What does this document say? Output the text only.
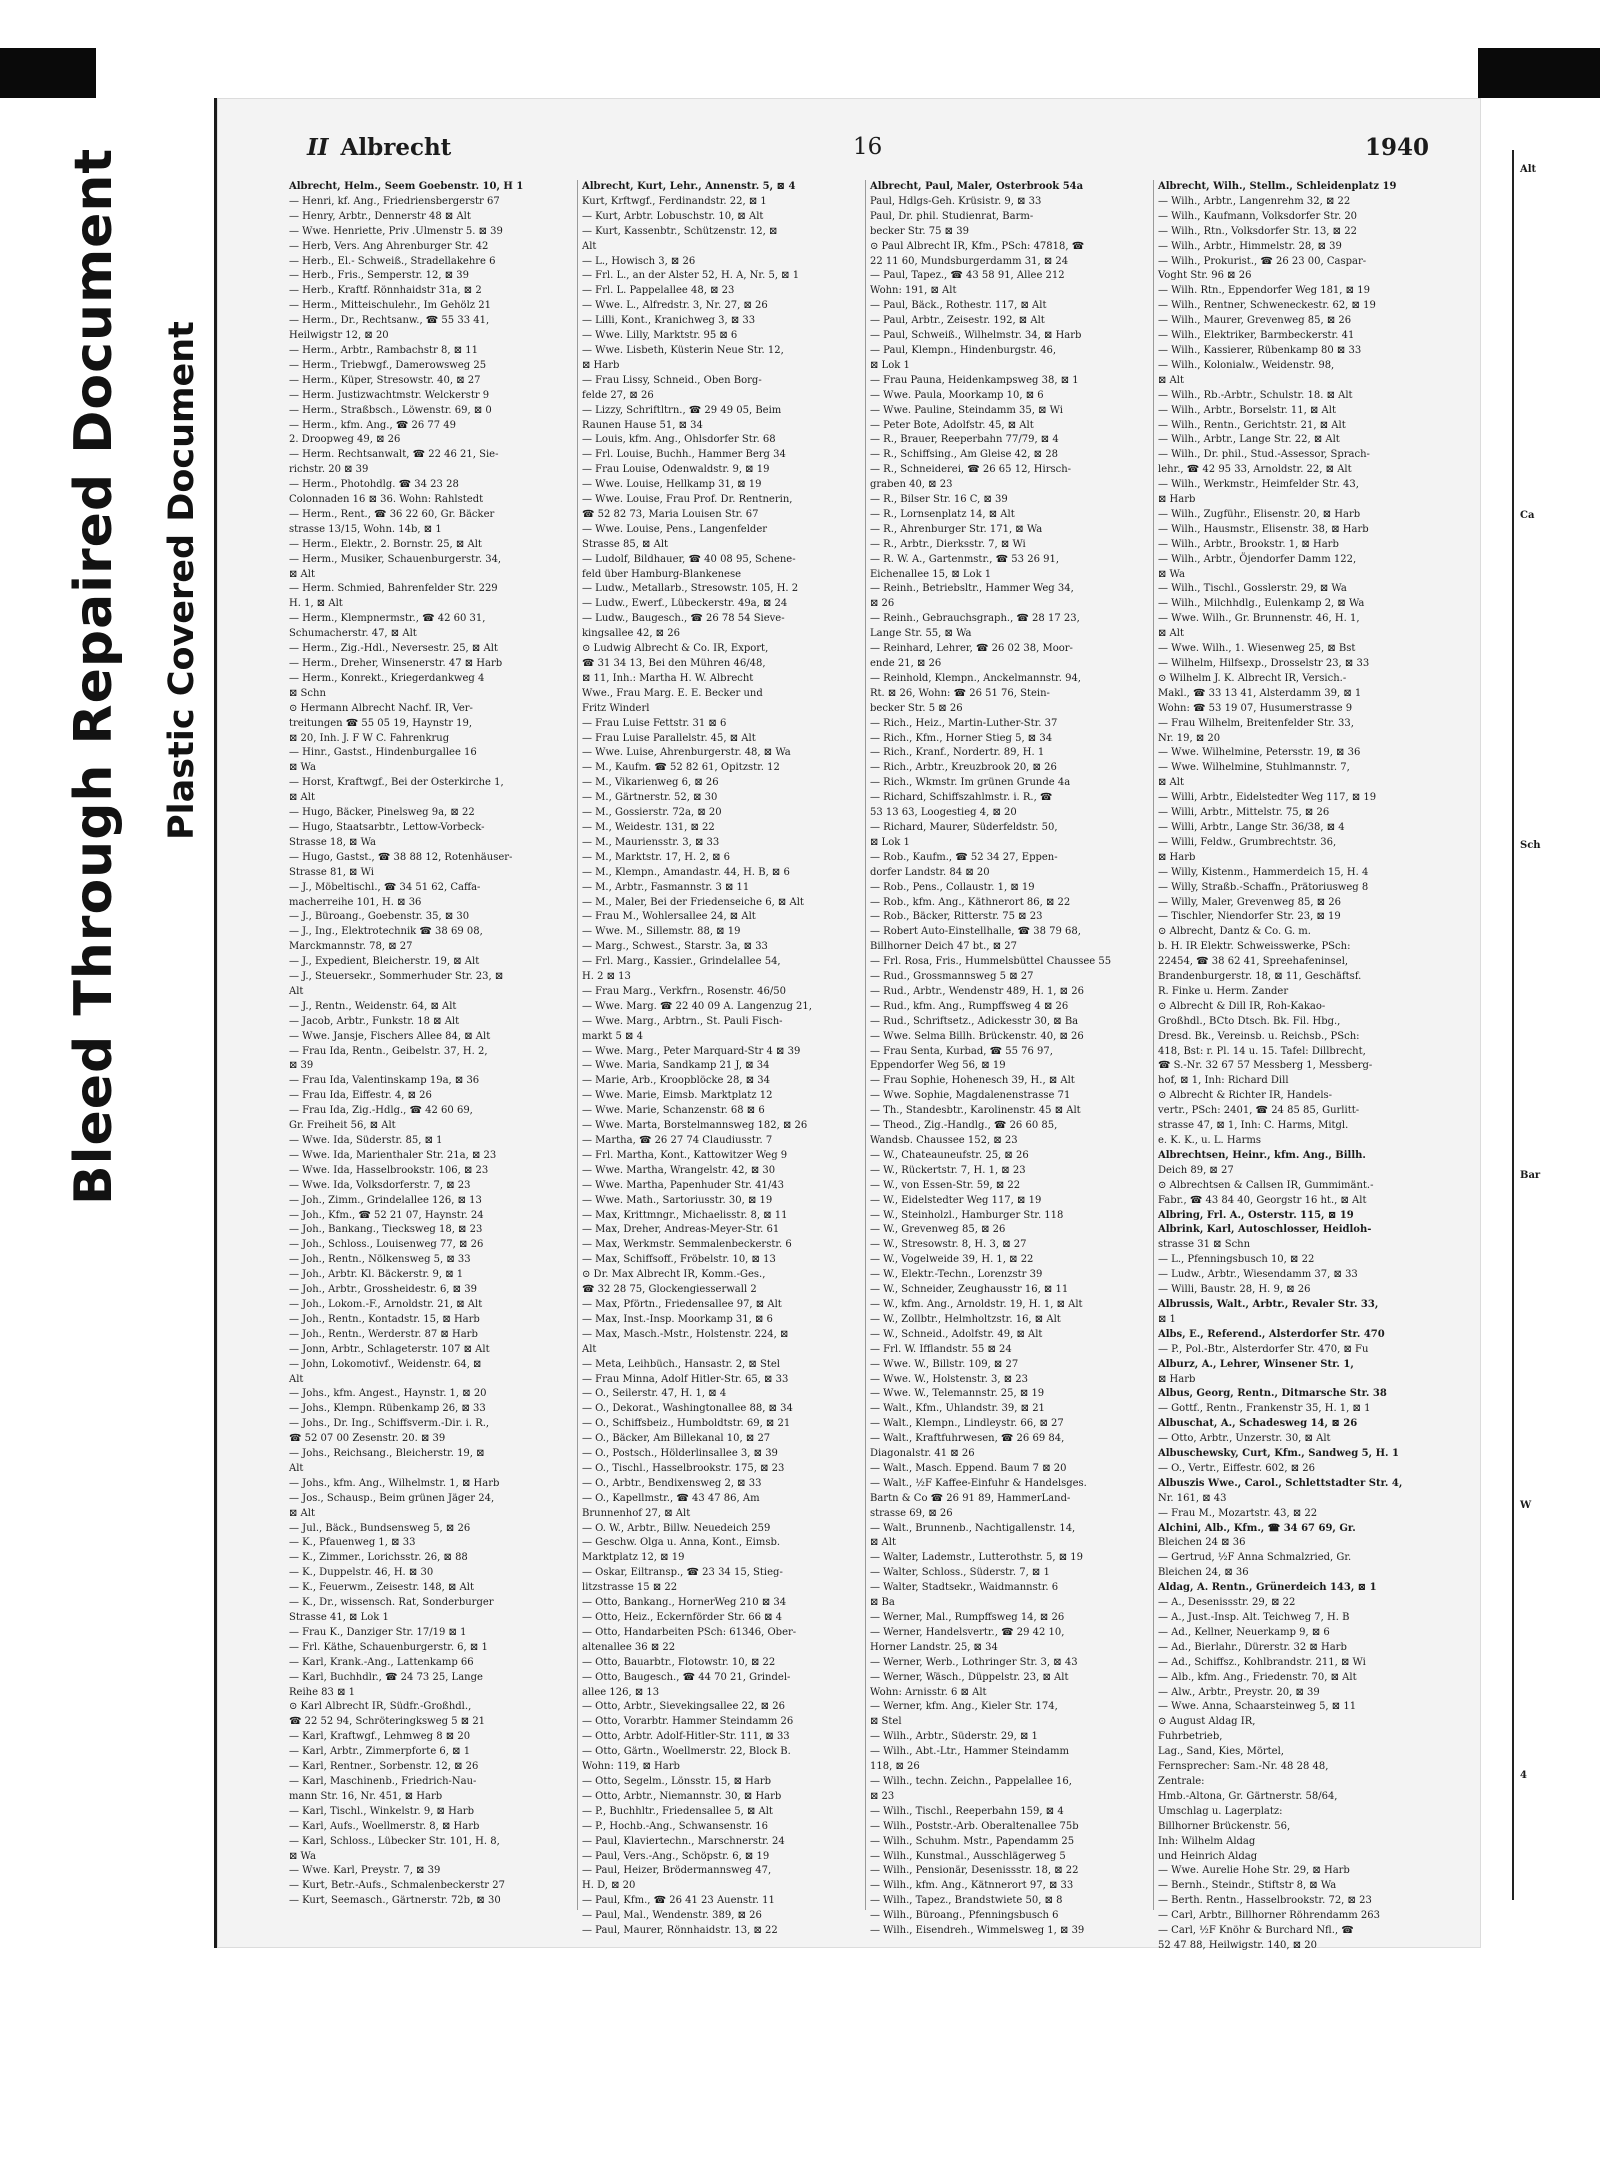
Bleed Through Repaired Document Plastic Covered Document
II Albrecht	16	1940
Albrecht, Helm., Seem Goebenstr. 10, H 1
— Henri, kf. Ang., Friedriensbergerstr 67
— Henry, Arbtr., Dennerstr 48 ⊠ Alt
— Wwe. Henriette, Priv .Ulmenstr 5. ⊠ 39
— Herb, Vers. Ang Ahrenburger Str. 42
— Herb., El.- Schweiß., Stradellakehre 6
— Herb., Fris., Semperstr. 12, ⊠ 39
— Herb., Kraftf. Rönnhaidstr 31a, ⊠ 2
— Herm., Mitteischulehr., Im Gehölz 21
— Herm., Dr., Rechtsanw., ☎ 55 33 41,
Heilwigstr 12, ⊠ 20
— Herm., Arbtr., Rambachstr 8, ⊠ 11
— Herm., Triebwgf., Damerowsweg 25
— Herm., Küper, Stresowstr. 40, ⊠ 27
— Herm. Justizwachtmstr. Welckerstr 9
— Herm., Straßbsch., Löwenstr. 69, ⊠ 0
— Herm., kfm. Ang., ☎ 26 77 49
2. Droopweg 49, ⊠ 26
— Herm. Rechtsanwalt, ☎ 22 46 21, Sie-
richstr. 20 ⊠ 39
— Herm., Photohdlg. ☎ 34 23 28
Colonnaden 16 ⊠ 36. Wohn: Rahlstedt
— Herm., Rent., ☎ 36 22 60, Gr. Bäcker
strasse 13/15, Wohn. 14b, ⊠ 1
— Herm., Elektr., 2. Bornstr. 25, ⊠ Alt
— Herm., Musiker, Schauenburgerstr. 34,
⊠ Alt
— Herm. Schmied, Bahrenfelder Str. 229
H. 1, ⊠ Alt
— Herm., Klempnermstr., ☎ 42 60 31,
Schumacherstr. 47, ⊠ Alt
— Herm., Zig.-Hdl., Neversestr. 25, ⊠ Alt
— Herm., Dreher, Winsenerstr. 47 ⊠ Harb
— Herm., Konrekt., Kriegerdankweg 4
⊠ Schn
⊙ Hermann Albrecht Nachf. IR, Ver-
treitungen ☎ 55 05 19, Haynstr 19,
⊠ 20, Inh. J. F W C. Fahrenkrug
— Hinr., Gastst., Hindenburgallee 16
⊠ Wa
— Horst, Kraftwgf., Bei der Osterkirche 1,
⊠ Alt
— Hugo, Bäcker, Pinelsweg 9a, ⊠ 22
— Hugo, Staatsarbtr., Lettow-Vorbeck-
Strasse 18, ⊠ Wa
— Hugo, Gastst., ☎ 38 88 12, Rotenhäuser-
Strasse 81, ⊠ Wi
— J., Möbeltischl., ☎ 34 51 62, Caffa-
macherreihe 101, H. ⊠ 36
— J., Büroang., Goebenstr. 35, ⊠ 30
— J., Ing., Elektrotechnik ☎ 38 69 08,
Marckmannstr. 78, ⊠ 27
— J., Expedient, Bleicherstr. 19, ⊠ Alt
— J., Steuersekr., Sommerhuder Str. 23, ⊠
Alt
— J., Rentn., Weidenstr. 64, ⊠ Alt
— Jacob, Arbtr., Funkstr. 18 ⊠ Alt
— Wwe. Jansje, Fischers Allee 84, ⊠ Alt
— Frau Ida, Rentn., Geibelstr. 37, H. 2,
⊠ 39
— Frau Ida, Valentinskamp 19a, ⊠ 36
— Frau Ida, Eiffestr. 4, ⊠ 26
— Frau Ida, Zig.-Hdlg., ☎ 42 60 69,
Gr. Freiheit 56, ⊠ Alt
— Wwe. Ida, Süderstr. 85, ⊠ 1
— Wwe. Ida, Marienthaler Str. 21a, ⊠ 23
— Wwe. Ida, Hasselbrookstr. 106, ⊠ 23
— Wwe. Ida, Volksdorferstr. 7, ⊠ 23
— Joh., Zimm., Grindelallee 126, ⊠ 13
— Joh., Kfm., ☎ 52 21 07, Haynstr. 24
— Joh., Bankang., Tiecksweg 18, ⊠ 23
— Joh., Schloss., Louisenweg 77, ⊠ 26
— Joh., Rentn., Nölkensweg 5, ⊠ 33
— Joh., Arbtr. Kl. Bäckerstr. 9, ⊠ 1
— Joh., Arbtr., Grossheidestr. 6, ⊠ 39
— Joh., Lokom.-F., Arnoldstr. 21, ⊠ Alt
— Joh., Rentn., Kontadstr. 15, ⊠ Harb
— Joh., Rentn., Werderstr. 87 ⊠ Harb
— Jonn, Arbtr., Schlageterstr. 107 ⊠ Alt
— John, Lokomotivf., Weidenstr. 64, ⊠
Alt
— Johs., kfm. Angest., Haynstr. 1, ⊠ 20
— Johs., Klempn. Rübenkamp 26, ⊠ 33
— Johs., Dr. Ing., Schiffsverm.-Dir. i. R.,
☎ 52 07 00 Zesenstr. 20. ⊠ 39
— Johs., Reichsang., Bleicherstr. 19, ⊠
Alt
— Johs., kfm. Ang., Wilhelmstr. 1, ⊠ Harb
— Jos., Schausp., Beim grünen Jäger 24,
⊠ Alt
— Jul., Bäck., Bundsensweg 5, ⊠ 26
— K., Pfauenweg 1, ⊠ 33
— K., Zimmer., Lorichsstr. 26, ⊠ 88
— K., Duppelstr. 46, H. ⊠ 30
— K., Feuerwm., Zeisestr. 148, ⊠ Alt
— K., Dr., wissensch. Rat, Sonderburger
Strasse 41, ⊠ Lok 1
— Frau K., Danziger Str. 17/19 ⊠ 1
— Frl. Käthe, Schauenburgerstr. 6, ⊠ 1
— Karl, Krank.-Ang., Lattenkamp 66
— Karl, Buchhdlr., ☎ 24 73 25, Lange
Reihe 83 ⊠ 1
⊙ Karl Albrecht IR, Südfr.-Großhdl.,
☎ 22 52 94, Schröteringksweg 5 ⊠ 21
— Karl, Kraftwgf., Lehmweg 8 ⊠ 20
— Karl, Arbtr., Zimmerpforte 6, ⊠ 1
— Karl, Rentner., Sorbenstr. 12, ⊠ 26
— Karl, Maschinenb., Friedrich-Nau-
mann Str. 16, Nr. 451, ⊠ Harb
— Karl, Tischl., Winkelstr. 9, ⊠ Harb
— Karl, Aufs., Woellmerstr. 8, ⊠ Harb
— Karl, Schloss., Lübecker Str. 101, H. 8,
⊠ Wa
— Wwe. Karl, Preystr. 7, ⊠ 39
— Kurt, Betr.-Aufs., Schmalenbeckerstr 27
— Kurt, Seemasch., Gärtnerstr. 72b, ⊠ 30
Albrecht, Kurt, Lehr., Annenstr. 5, ⊠ 4
Kurt, Krftwgf., Ferdinandstr. 22, ⊠ 1
— Kurt, Arbtr. Lobuschstr. 10, ⊠ Alt
— Kurt, Kassenbtr., Schützenstr. 12, ⊠
Alt
— L., Howisch 3, ⊠ 26
— Frl. L., an der Alster 52, H. A, Nr. 5, ⊠ 1
— Frl. L. Pappelallee 48, ⊠ 23
— Wwe. L., Alfredstr. 3, Nr. 27, ⊠ 26
— Lilli, Kont., Kranichweg 3, ⊠ 33
— Wwe. Lilly, Marktstr. 95 ⊠ 6
— Wwe. Lisbeth, Küsterin Neue Str. 12,
⊠ Harb
— Frau Lissy, Schneid., Oben Borg-
felde 27, ⊠ 26
— Lizzy, Schriftltrn., ☎ 29 49 05, Beim
Raunen Hause 51, ⊠ 34
— Louis, kfm. Ang., Ohlsdorfer Str. 68
— Frl. Louise, Buchh., Hammer Berg 34
— Frau Louise, Odenwaldstr. 9, ⊠ 19
— Wwe. Louise, Hellkamp 31, ⊠ 19
— Wwe. Louise, Frau Prof. Dr. Rentnerin,
☎ 52 82 73, Maria Louisen Str. 67
— Wwe. Louise, Pens., Langenfelder
Strasse 85, ⊠ Alt
— Ludolf, Bildhauer, ☎ 40 08 95, Schene-
feld über Hamburg-Blankenese
— Ludw., Metallarb., Stresowstr. 105, H. 2
— Ludw., Ewerf., Lübeckerstr. 49a, ⊠ 24
— Ludw., Baugesch., ☎ 26 78 54 Sieve-
kingsallee 42, ⊠ 26
⊙ Ludwig Albrecht & Co. IR, Export,
☎ 31 34 13, Bei den Mühren 46/48,
⊠ 11, Inh.: Martha H. W. Albrecht
Wwe., Frau Marg. E. E. Becker und
Fritz Winderl
— Frau Luise Fettstr. 31 ⊠ 6
— Frau Luise Parallelstr. 45, ⊠ Alt
— Wwe. Luise, Ahrenburgerstr. 48, ⊠ Wa
— M., Kaufm. ☎ 52 82 61, Opitzstr. 12
— M., Vikarienweg 6, ⊠ 26
— M., Gärtnerstr. 52, ⊠ 30
— M., Gossierstr. 72a, ⊠ 20
— M., Weidestr. 131, ⊠ 22
— M., Mauriensstr. 3, ⊠ 33
— M., Marktstr. 17, H. 2, ⊠ 6
— M., Klempn., Amandastr. 44, H. B, ⊠ 6
— M., Arbtr., Fasmannstr. 3 ⊠ 11
— M., Maler, Bei der Friedenseiche 6, ⊠ Alt
— Frau M., Wohlersallee 24, ⊠ Alt
— Wwe. M., Sillemstr. 88, ⊠ 19
— Marg., Schwest., Starstr. 3a, ⊠ 33
— Frl. Marg., Kassier., Grindelallee 54,
H. 2 ⊠ 13
— Frau Marg., Verkfrn., Rosenstr. 46/50
— Wwe. Marg. ☎ 22 40 09 A. Langenzug 21,
— Wwe. Marg., Arbtrn., St. Pauli Fisch-
markt 5 ⊠ 4
— Wwe. Marg., Peter Marquard-Str 4 ⊠ 39
— Wwe. Maria, Sandkamp 21 J, ⊠ 34
— Marie, Arb., Kroopblöcke 28, ⊠ 34
— Wwe. Marie, Eimsb. Marktplatz 12
— Wwe. Marie, Schanzenstr. 68 ⊠ 6
— Wwe. Marta, Borstelmannsweg 182, ⊠ 26
— Martha, ☎ 26 27 74 Claudiusstr. 7
— Frl. Martha, Kont., Kattowitzer Weg 9
— Wwe. Martha, Wrangelstr. 42, ⊠ 30
— Wwe. Martha, Papenhuder Str. 41/43
— Wwe. Math., Sartoriusstr. 30, ⊠ 19
— Max, Krittmngr., Michaelisstr. 8, ⊠ 11
— Max, Dreher, Andreas-Meyer-Str. 61
— Max, Werkmstr. Semmalenbeckerstr. 6
— Max, Schiffsoff., Fröbelstr. 10, ⊠ 13
⊙ Dr. Max Albrecht IR, Komm.-Ges.,
☎ 32 28 75, Glockengiesserwall 2
— Max, Pförtn., Friedensallee 97, ⊠ Alt
— Max, Inst.-Insp. Moorkamp 31, ⊠ 6
— Max, Masch.-Mstr., Holstenstr. 224, ⊠
Alt
— Meta, Leihbüch., Hansastr. 2, ⊠ Stel
— Frau Minna, Adolf Hitler-Str. 65, ⊠ 33
— O., Seilerstr. 47, H. 1, ⊠ 4
— O., Dekorat., Washingtonallee 88, ⊠ 34
— O., Schiffsbeiz., Humboldtstr. 69, ⊠ 21
— O., Bäcker, Am Billekanal 10, ⊠ 27
— O., Postsch., Hölderlinsallee 3, ⊠ 39
— O., Tischl., Hasselbrookstr. 175, ⊠ 23
— O., Arbtr., Bendixensweg 2, ⊠ 33
— O., Kapellmstr., ☎ 43 47 86, Am
Brunnenhof 27, ⊠ Alt
— O. W., Arbtr., Billw. Neuedeich 259
— Geschw. Olga u. Anna, Kont., Eimsb.
Marktplatz 12, ⊠ 19
— Oskar, Eiltransp., ☎ 23 34 15, Stieg-
litzstrasse 15 ⊠ 22
— Otto, Bankang., HornerWeg 210 ⊠ 34
— Otto, Heiz., Eckernförder Str. 66 ⊠ 4
— Otto, Handarbeiten PSch: 61346, Ober-
altenallee 36 ⊠ 22
— Otto, Bauarbtr., Flotowstr. 10, ⊠ 22
— Otto, Baugesch., ☎ 44 70 21, Grindel-
allee 126, ⊠ 13
— Otto, Arbtr., Sievekingsallee 22, ⊠ 26
— Otto, Vorarbtr. Hammer Steindamm 26
— Otto, Arbtr. Adolf-Hitler-Str. 111, ⊠ 33
— Otto, Gärtn., Woellmerstr. 22, Block B.
Wohn: 119, ⊠ Harb
— Otto, Segelm., Lönsstr. 15, ⊠ Harb
— Otto, Arbtr., Niemannstr. 30, ⊠ Harb
— P., Buchhltr., Friedensallee 5, ⊠ Alt
— P., Hochb.-Ang., Schwansenstr. 16
— Paul, Klaviertechn., Marschnerstr. 24
— Paul, Vers.-Ang., Schöpstr. 6, ⊠ 19
— Paul, Heizer, Brödermannsweg 47,
H. D, ⊠ 20
— Paul, Kfm., ☎ 26 41 23 Auenstr. 11
— Paul, Mal., Wendenstr. 389, ⊠ 26
— Paul, Maurer, Rönnhaidstr. 13, ⊠ 22
Albrecht, Paul, Maler, Osterbrook 54a
Paul, Hdlgs-Geh. Krüsistr. 9, ⊠ 33
Paul, Dr. phil. Studienrat, Barm-
becker Str. 75 ⊠ 39
⊙ Paul Albrecht IR, Kfm., PSch: 47818, ☎
22 11 60, Mundsburgerdamm 31, ⊠ 24
— Paul, Tapez., ☎ 43 58 91, Allee 212
Wohn: 191, ⊠ Alt
— Paul, Bäck., Rothestr. 117, ⊠ Alt
— Paul, Arbtr., Zeisestr. 192, ⊠ Alt
— Paul, Schweiß., Wilhelmstr. 34, ⊠ Harb
— Paul, Klempn., Hindenburgstr. 46,
⊠ Lok 1
— Frau Pauna, Heidenkampsweg 38, ⊠ 1
— Wwe. Paula, Moorkamp 10, ⊠ 6
— Wwe. Pauline, Steindamm 35, ⊠ Wi
— Peter Bote, Adolfstr. 45, ⊠ Alt
— R., Brauer, Reeperbahn 77/79, ⊠ 4
— R., Schiffsing., Am Gleise 42, ⊠ 28
— R., Schneiderei, ☎ 26 65 12, Hirsch-
graben 40, ⊠ 23
— R., Bilser Str. 16 C, ⊠ 39
— R., Lornsenplatz 14, ⊠ Alt
— R., Ahrenburger Str. 171, ⊠ Wa
— R., Arbtr., Dierksstr. 7, ⊠ Wi
— R. W. A., Gartenmstr., ☎ 53 26 91,
Eichenallee 15, ⊠ Lok 1
— Reinh., Betriebsltr., Hammer Weg 34,
⊠ 26
— Reinh., Gebrauchsgraph., ☎ 28 17 23,
Lange Str. 55, ⊠ Wa
— Reinhard, Lehrer, ☎ 26 02 38, Moor-
ende 21, ⊠ 26
— Reinhold, Klempn., Anckelmannstr. 94,
Rt. ⊠ 26, Wohn: ☎ 26 51 76, Stein-
becker Str. 5 ⊠ 26
— Rich., Heiz., Martin-Luther-Str. 37
— Rich., Kfm., Horner Stieg 5, ⊠ 34
— Rich., Kranf., Nordertr. 89, H. 1
— Rich., Arbtr., Kreuzbrook 20, ⊠ 26
— Rich., Wkmstr. Im grünen Grunde 4a
— Richard, Schiffszahlmstr. i. R., ☎
53 13 63, Loogestieg 4, ⊠ 20
— Richard, Maurer, Süderfeldstr. 50,
⊠ Lok 1
— Rob., Kaufm., ☎ 52 34 27, Eppen-
dorfer Landstr. 84 ⊠ 20
— Rob., Pens., Collaustr. 1, ⊠ 19
— Rob., kfm. Ang., Käthnerort 86, ⊠ 22
— Rob., Bäcker, Ritterstr. 75 ⊠ 23
— Robert Auto-Einstellhalle, ☎ 38 79 68,
Billhorner Deich 47 bt., ⊠ 27
— Frl. Rosa, Fris., Hummelsbüttel Chaussee 55
— Rud., Grossmannsweg 5 ⊠ 27
— Rud., Arbtr., Wendenstr 489, H. 1, ⊠ 26
— Rud., kfm. Ang., Rumpffsweg 4 ⊠ 26
— Rud., Schriftsetz., Adickesstr 30, ⊠ Ba
— Wwe. Selma Billh. Brückenstr. 40, ⊠ 26
— Frau Senta, Kurbad, ☎ 55 76 97,
Eppendorfer Weg 56, ⊠ 19
— Frau Sophie, Hohenesch 39, H., ⊠ Alt
— Wwe. Sophie, Magdalenenstrasse 71
— Th., Standesbtr., Karolinenstr. 45 ⊠ Alt
— Theod., Zig.-Handlg., ☎ 26 60 85,
Wandsb. Chaussee 152, ⊠ 23
— W., Chateauneufstr. 25, ⊠ 26
— W., Rückertstr. 7, H. 1, ⊠ 23
— W., von Essen-Str. 59, ⊠ 22
— W., Eidelstedter Weg 117, ⊠ 19
— W., Steinholzl., Hamburger Str. 118
— W., Grevenweg 85, ⊠ 26
— W., Stresowstr. 8, H. 3, ⊠ 27
— W., Vogelweide 39, H. 1, ⊠ 22
— W., Elektr.-Techn., Lorenzstr 39
— W., Schneider, Zeughausstr 16, ⊠ 11
— W., kfm. Ang., Arnoldstr. 19, H. 1, ⊠ Alt
— W., Zollbtr., Helmholtzstr. 16, ⊠ Alt
— W., Schneid., Adolfstr. 49, ⊠ Alt
— Frl. W. Ifflandstr. 55 ⊠ 24
— Wwe. W., Billstr. 109, ⊠ 27
— Wwe. W., Holstenstr. 3, ⊠ 23
— Wwe. W., Telemannstr. 25, ⊠ 19
— Walt., Kfm., Uhlandstr. 39, ⊠ 21
— Walt., Klempn., Lindleystr. 66, ⊠ 27
— Walt., Kraftfuhrwesen, ☎ 26 69 84,
Diagonalstr. 41 ⊠ 26
— Walt., Masch. Eppend. Baum 7 ⊠ 20
— Walt., ½F Kaffee-Einfuhr & Handelsges.
Bartn & Co ☎ 26 91 89, HammerLand-
strasse 69, ⊠ 26
— Walt., Brunnenb., Nachtigallenstr. 14,
⊠ Alt
— Walter, Lademstr., Lutterothstr. 5, ⊠ 19
— Walter, Schloss., Süderstr. 7, ⊠ 1
— Walter, Stadtsekr., Waidmannstr. 6
⊠ Ba
— Werner, Mal., Rumpffsweg 14, ⊠ 26
— Werner, Handelsvertr., ☎ 29 42 10,
Horner Landstr. 25, ⊠ 34
— Werner, Werb., Lothringer Str. 3, ⊠ 43
— Werner, Wäsch., Düppelstr. 23, ⊠ Alt
Wohn: Arnisstr. 6 ⊠ Alt
— Werner, kfm. Ang., Kieler Str. 174,
⊠ Stel
— Wilh., Arbtr., Süderstr. 29, ⊠ 1
— Wilh., Abt.-Ltr., Hammer Steindamm
118, ⊠ 26
— Wilh., techn. Zeichn., Pappelallee 16,
⊠ 23
— Wilh., Tischl., Reeperbahn 159, ⊠ 4
— Wilh., Poststr.-Arb. Oberaltenallee 75b
— Wilh., Schuhm. Mstr., Papendamm 25
— Wilh., Kunstmal., Ausschlägerweg 5
— Wilh., Pensionär, Desenissstr. 18, ⊠ 22
— Wilh., kfm. Ang., Kätnnerort 97, ⊠ 33
— Wilh., Tapez., Brandstwiete 50, ⊠ 8
— Wilh., Büroang., Pfenningsbusch 6
— Wilh., Eisendreh., Wimmelsweg 1, ⊠ 39
Albrecht, Wilh., Stellm., Schleidenplatz 19
— Wilh., Arbtr., Langenrehm 32, ⊠ 22
— Wilh., Kaufmann, Volksdorfer Str. 20
— Wilh., Rtn., Volksdorfer Str. 13, ⊠ 22
— Wilh., Arbtr., Himmelstr. 28, ⊠ 39
— Wilh., Prokurist., ☎ 26 23 00, Caspar-
Voght Str. 96 ⊠ 26
— Wilh. Rtn., Eppendorfer Weg 181, ⊠ 19
— Wilh., Rentner, Schweneckestr. 62, ⊠ 19
— Wilh., Maurer, Grevenweg 85, ⊠ 26
— Wilh., Elektriker, Barmbeckerstr. 41
— Wilh., Kassierer, Rübenkamp 80 ⊠ 33
— Wilh., Kolonialw., Weidenstr. 98,
⊠ Alt
— Wilh., Rb.-Arbtr., Schulstr. 18. ⊠ Alt
— Wilh., Arbtr., Borselstr. 11, ⊠ Alt
— Wilh., Rentn., Gerichtstr. 21, ⊠ Alt
— Wilh., Arbtr., Lange Str. 22, ⊠ Alt
— Wilh., Dr. phil., Stud.-Assessor, Sprach-
lehr., ☎ 42 95 33, Arnoldstr. 22, ⊠ Alt
— Wilh., Werkmstr., Heimfelder Str. 43,
⊠ Harb
— Wilh., Zugführ., Elisenstr. 20, ⊠ Harb
— Wilh., Hausmstr., Elisenstr. 38, ⊠ Harb
— Wilh., Arbtr., Brookstr. 1, ⊠ Harb
— Wilh., Arbtr., Öjendorfer Damm 122,
⊠ Wa
— Wilh., Tischl., Gosslerstr. 29, ⊠ Wa
— Wilh., Milchhdlg., Eulenkamp 2, ⊠ Wa
— Wwe. Wilh., Gr. Brunnenstr. 46, H. 1,
⊠ Alt
— Wwe. Wilh., 1. Wiesenweg 25, ⊠ Bst
— Wilhelm, Hilfsexp., Drosselstr 23, ⊠ 33
⊙ Wilhelm J. K. Albrecht IR, Versich.-
Makl., ☎ 33 13 41, Alsterdamm 39, ⊠ 1
Wohn: ☎ 53 19 07, Husumerstrasse 9
— Frau Wilhelm, Breitenfelder Str. 33,
Nr. 19, ⊠ 20
— Wwe. Wilhelmine, Petersstr. 19, ⊠ 36
— Wwe. Wilhelmine, Stuhlmannstr. 7,
⊠ Alt
— Willi, Arbtr., Eidelstedter Weg 117, ⊠ 19
— Willi, Arbtr., Mittelstr. 75, ⊠ 26
— Willi, Arbtr., Lange Str. 36/38, ⊠ 4
— Willi, Feldw., Grumbrechtstr. 36,
⊠ Harb
— Willy, Kistenm., Hammerdeich 15, H. 4
— Willy, Straßb.-Schaffn., Prätoriusweg 8
— Willy, Maler, Grevenweg 85, ⊠ 26
— Tischler, Niendorfer Str. 23, ⊠ 19
⊙ Albrecht, Dantz & Co. G. m.
b. H. IR Elektr. Schweisswerke, PSch:
22454, ☎ 38 62 41, Spreehafeninsel,
Brandenburgerstr. 18, ⊠ 11, Geschäftsf.
R. Finke u. Herm. Zander
⊙ Albrecht & Dill IR, Roh-Kakao-
Großhdl., BCto Dtsch. Bk. Fil. Hbg.,
Dresd. Bk., Vereinsb. u. Reichsb., PSch:
418, Bst: r. Pl. 14 u. 15. Tafel: Dillbrecht,
☎ S.-Nr. 32 67 57 Messberg 1, Messberg-
hof, ⊠ 1, Inh: Richard Dill
⊙ Albrecht & Richter IR, Handels-
vertr., PSch: 2401, ☎ 24 85 85, Gurlitt-
strasse 47, ⊠ 1, Inh: C. Harms, Mitgl.
e. K. K., u. L. Harms
Albrechtsen, Heinr., kfm. Ang., Billh.
Deich 89, ⊠ 27
⊙ Albrechtsen & Callsen IR, Gummimänt.-
Fabr., ☎ 43 84 40, Georgstr 16 ht., ⊠ Alt
Albring, Frl. A., Osterstr. 115, ⊠ 19
Albrink, Karl, Autoschlosser, Heidloh-
strasse 31 ⊠ Schn
— L., Pfenningsbusch 10, ⊠ 22
— Ludw., Arbtr., Wiesendamm 37, ⊠ 33
— Willi, Baustr. 28, H. 9, ⊠ 26
Albrussis, Walt., Arbtr., Revaler Str. 33,
⊠ 1
Albs, E., Referend., Alsterdorfer Str. 470
— P., Pol.-Btr., Alsterdorfer Str. 470, ⊠ Fu
Alburz, A., Lehrer, Winsener Str. 1,
⊠ Harb
Albus, Georg, Rentn., Ditmarsche Str. 38
— Gottf., Rentn., Frankenstr 35, H. 1, ⊠ 1
Albuschat, A., Schadesweg 14, ⊠ 26
— Otto, Arbtr., Unzerstr. 30, ⊠ Alt
Albuschewsky, Curt, Kfm., Sandweg 5, H. 1
— O., Vertr., Eiffestr. 602, ⊠ 26
Albuszis Wwe., Carol., Schlettstadter Str. 4,
Nr. 161, ⊠ 43
— Frau M., Mozartstr. 43, ⊠ 22
Alchini, Alb., Kfm., ☎ 34 67 69, Gr.
Bleichen 24 ⊠ 36
— Gertrud, ½F Anna Schmalzried, Gr.
Bleichen 24, ⊠ 36
Aldag, A. Rentn., Grünerdeich 143, ⊠ 1
— A., Desenissstr. 29, ⊠ 22
— A., Just.-Insp. Alt. Teichweg 7, H. B
— Ad., Kellner, Neuerkamp 9, ⊠ 6
— Ad., Bierlahr., Dürerstr. 32 ⊠ Harb
— Ad., Schiffsz., Kohlbrandstr. 211, ⊠ Wi
— Alb., kfm. Ang., Friedenstr. 70, ⊠ Alt
— Alw., Arbtr., Preystr. 20, ⊠ 39
— Wwe. Anna, Schaarsteinweg 5, ⊠ 11
⊙ August Aldag IR,
Fuhrbetrieb,
Lag., Sand, Kies, Mörtel,
Fernsprecher: Sam.-Nr. 48 28 48,
Zentrale:
Hmb.-Altona, Gr. Gärtnerstr. 58/64,
Umschlag u. Lagerplatz:
Billhorner Brückenstr. 56,
Inh: Wilhelm Aldag
und Heinrich Aldag
— Wwe. Aurelie Hohe Str. 29, ⊠ Harb
— Bernh., Steindr., Stiftstr 8, ⊠ Wa
— Berth. Rentn., Hasselbrookstr. 72, ⊠ 23
— Carl, Arbtr., Billhorner Röhrendamm 263
— Carl, ½F Knöhr & Burchard Nfl., ☎
52 47 88, Heilwigstr. 140, ⊠ 20
Alt
Ca
Sch
Bar
W
4
